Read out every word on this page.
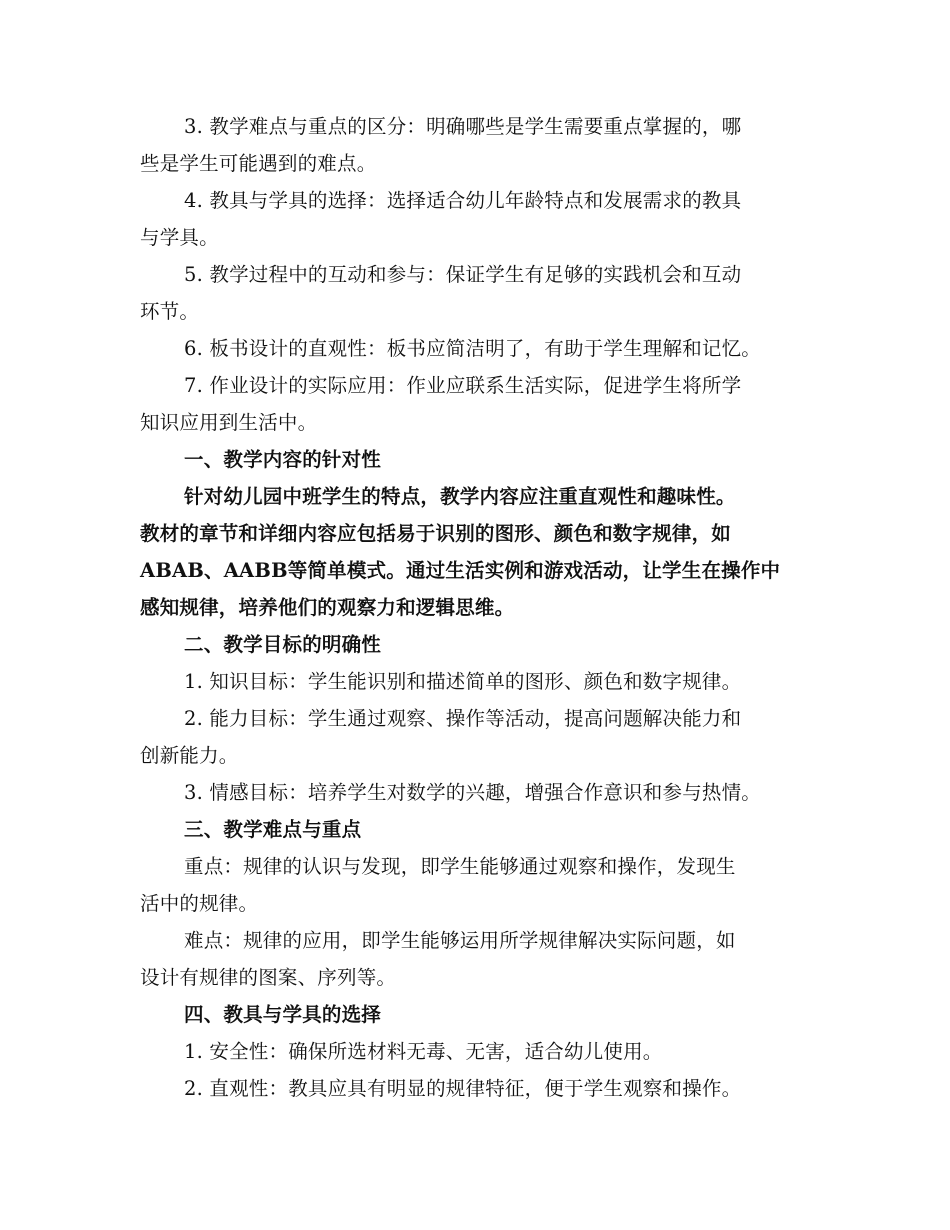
3. 教学难点与重点的区分：明确哪些是学生需要重点掌握的，哪
些是学生可能遇到的难点。
4. 教具与学具的选择：选择适合幼儿年龄特点和发展需求的教具
与学具。
5. 教学过程中的互动和参与：保证学生有足够的实践机会和互动
环节。
6. 板书设计的直观性：板书应简洁明了，有助于学生理解和记忆。
7. 作业设计的实际应用：作业应联系生活实际，促进学生将所学
知识应用到生活中。
一、教学内容的针对性
针对幼儿园中班学生的特点，教学内容应注重直观性和趣味性。
教材的章节和详细内容应包括易于识别的图形、颜色和数字规律，如
ABAB、AABB等简单模式。通过生活实例和游戏活动，让学生在操作中
感知规律，培养他们的观察力和逻辑思维。
二、教学目标的明确性
1. 知识目标：学生能识别和描述简单的图形、颜色和数字规律。
2. 能力目标：学生通过观察、操作等活动，提高问题解决能力和
创新能力。
3. 情感目标：培养学生对数学的兴趣，增强合作意识和参与热情。
三、教学难点与重点
重点：规律的认识与发现，即学生能够通过观察和操作，发现生
活中的规律。
难点：规律的应用，即学生能够运用所学规律解决实际问题，如
设计有规律的图案、序列等。
四、教具与学具的选择
1. 安全性：确保所选材料无毒、无害，适合幼儿使用。
2. 直观性：教具应具有明显的规律特征，便于学生观察和操作。
